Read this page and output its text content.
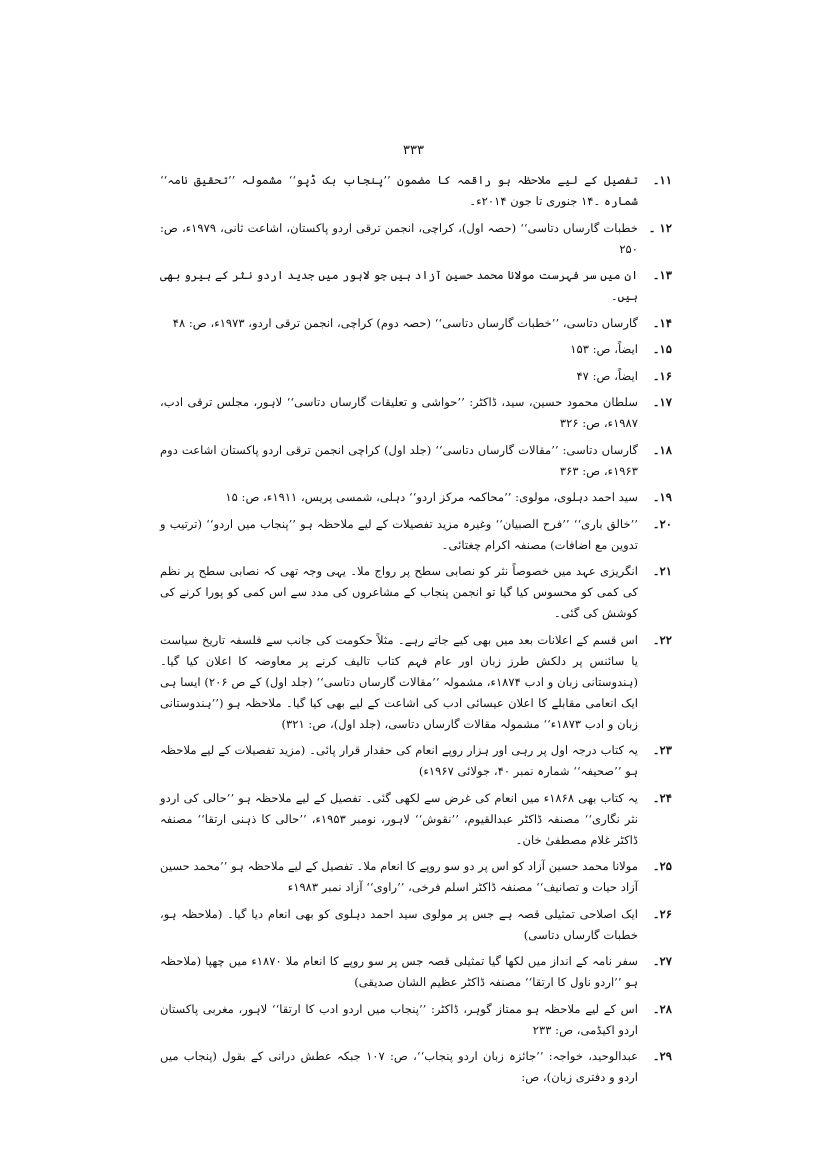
۳۳۳
۱۱۔
تفصیل کے لیے ملاحظہ ہو راقمہ کا مضمون ’’پنجاب بک ڈپو‘‘ مشمولہ ’’تحقیق نامہ‘‘ شمارہ ۔۱۴ جنوری تا جون ۲۰۱۴ء۔
۱۲ ۔
خطبات گارساں دتاسی‘‘ (حصہ اول)، کراچی، انجمن ترقی اردو پاکستان، اشاعت ثانی، ۱۹۷۹ء، ص: ۲۵۰
۱۳۔
ان میں سر فہرست مولانا محمد حسین آزاد ہیں جو لاہور میں جدید اردو نثر کے ہیرو بھی ہیں۔
۱۴۔
گارساں دتاسی، ’’خطبات گارساں دتاسی‘‘ (حصہ دوم) کراچی، انجمن ترقی اردو، ۱۹۷۳ء، ص: ۴۸
۱۵۔
ایضاً، ص: ۱۵۳
۱۶۔
ایضاً، ص: ۴۷
۱۷۔
سلطان محمود حسین، سید، ڈاکٹر: ’’حواشی و تعلیقات گارساں دتاسی‘‘ لاہور، مجلس ترقی ادب، ۱۹۸۷ء، ص: ۳۲۶
۱۸۔
گارساں دتاسی: ’’مقالات گارساں دتاسی‘‘ (جلد اول) کراچی انجمن ترقی اردو پاکستان اشاعت دوم ۱۹۶۳ء، ص: ۳۶۳
۱۹۔
سید احمد دہلوی، مولوی: ’’محاکمہ مرکز اردو‘‘ دہلی، شمسی پریس، ۱۹۱۱ء، ص: ۱۵
۲۰۔
’’خالق باری‘‘ ’’فرح الصبیان‘‘ وغیرہ مزید تفصیلات کے لیے ملاحظہ ہو ’’پنجاب میں اردو‘‘ (ترتیب و تدوین مع اضافات) مصنفہ اکرام چغتائی۔
۲۱۔
انگریزی عہد میں خصوصاً نثر کو نصابی سطح پر رواج ملا۔ یہی وجہ تھی کہ نصابی سطح پر نظم کی کمی کو محسوس کیا گیا تو انجمن پنجاب کے مشاعروں کی مدد سے اس کمی کو پورا کرنے کی کوشش کی گئی۔
۲۲۔
اس قسم کے اعلانات بعد میں بھی کیے جاتے رہے۔ مثلاً حکومت کی جانب سے فلسفہ تاریخ سیاست یا سائنس پر دلکش طرز زبان اور عام فہم کتاب تالیف کرنے پر معاوضہ کا اعلان کیا گیا۔ (ہندوستانی زبان و ادب ۱۸۷۴ء، مشمولہ ’’مقالات گارساں دتاسی‘‘ (جلد اول) کے ص ۲۰۶) ایسا ہی ایک انعامی مقابلے کا اعلان عیسائی ادب کی اشاعت کے لیے بھی کیا گیا۔ ملاحظہ ہو (’’ہندوستانی زبان و ادب ۱۸۷۳ء‘‘ مشمولہ مقالات گارساں دتاسی، (جلد اول)، ص: ۳۲۱)
۲۳۔
یہ کتاب درجہ اول پر رہی اور ہزار روپے انعام کی حقدار قرار پائی۔ (مزید تفصیلات کے لیے ملاحظہ ہو ’’صحیفہ‘‘ شمارہ نمبر ۴۰، جولائی ۱۹۶۷ء)
۲۴۔
یہ کتاب بھی ۱۸۶۸ء میں انعام کی غرض سے لکھی گئی۔ تفصیل کے لیے ملاحظہ ہو ’’حالی کی اردو نثر نگاری‘‘ مصنفہ ڈاکٹر عبدالقیوم، ’’نقوش‘‘ لاہور، نومبر ۱۹۵۳ء، ’’حالی کا ذہنی ارتقا‘‘ مصنفہ ڈاکٹر غلام مصطفیٰ خان۔
۲۵۔
مولانا محمد حسین آزاد کو اس پر دو سو روپے کا انعام ملا۔ تفصیل کے لیے ملاحظہ ہو ’’محمد حسین آزاد حیات و تصانیف‘‘ مصنفہ ڈاکٹر اسلم فرخی، ’’راوی‘‘ آزاد نمبر ۱۹۸۳ء
۲۶۔
ایک اصلاحی تمثیلی قصہ ہے جس پر مولوی سید احمد دہلوی کو بھی انعام دیا گیا۔ (ملاحظہ ہو، خطبات گارساں دتاسی)
۲۷۔
سفر نامہ کے انداز میں لکھا گیا تمثیلی قصہ جس پر سو روپے کا انعام ملا ۱۸۷۰ء میں چھپا (ملاحظہ ہو ’’اردو ناول کا ارتقا‘‘ مصنفہ ڈاکٹر عظیم الشان صدیقی)
۲۸۔
اس کے لیے ملاحظہ ہو ممتاز گوہر، ڈاکٹر: ’’پنجاب میں اردو ادب کا ارتقا‘‘ لاہور، مغربی پاکستان اردو اکیڈمی، ص: ۲۳۳
۲۹۔
عبدالوحید، خواجہ: ’’جائزہ زبان اردو پنجاب‘‘، ص: ۱۰۷ جبکہ عطش درانی کے بقول (پنجاب میں اردو و دفتری زبان)، ص:
